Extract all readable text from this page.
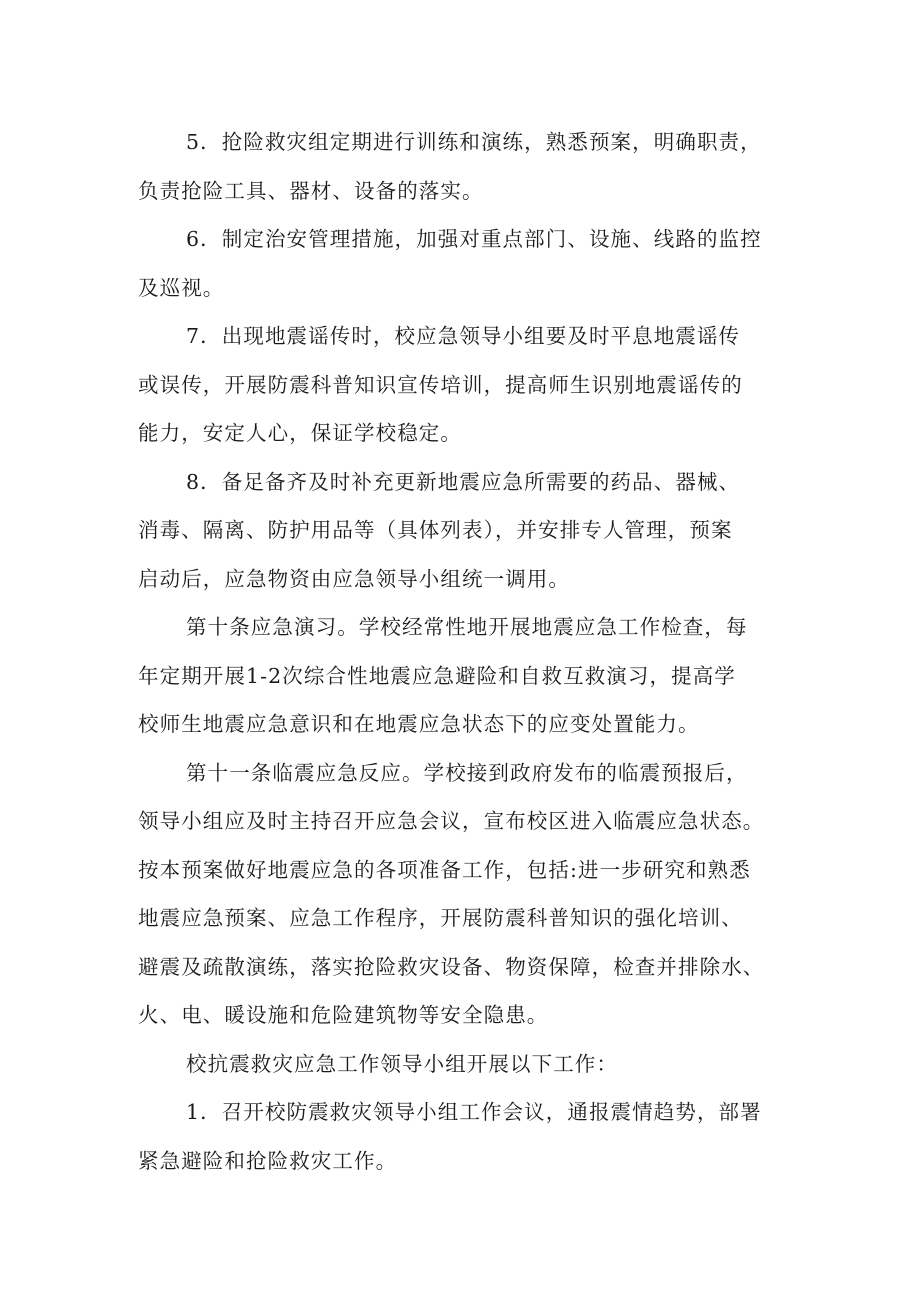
5．抢险救灾组定期进行训练和演练，熟悉预案，明确职责，
负责抢险工具、器材、设备的落实。

6．制定治安管理措施，加强对重点部门、设施、线路的监控
及巡视。

7．出现地震谣传时，校应急领导小组要及时平息地震谣传
或误传，开展防震科普知识宣传培训，提高师生识别地震谣传的
能力，安定人心，保证学校稳定。

8．备足备齐及时补充更新地震应急所需要的药品、器械、
消毒、隔离、防护用品等（具体列表），并安排专人管理，预案
启动后，应急物资由应急领导小组统一调用。

第十条应急演习。学校经常性地开展地震应急工作检查，每
年定期开展1-2次综合性地震应急避险和自救互救演习，提高学
校师生地震应急意识和在地震应急状态下的应变处置能力。

第十一条临震应急反应。学校接到政府发布的临震预报后，
领导小组应及时主持召开应急会议，宣布校区进入临震应急状态。
按本预案做好地震应急的各项准备工作，包括:进一步研究和熟悉
地震应急预案、应急工作程序，开展防震科普知识的强化培训、
避震及疏散演练，落实抢险救灾设备、物资保障，检查并排除水、
火、电、暖设施和危险建筑物等安全隐患。

校抗震救灾应急工作领导小组开展以下工作：

1．召开校防震救灾领导小组工作会议，通报震情趋势，部署
紧急避险和抢险救灾工作。
